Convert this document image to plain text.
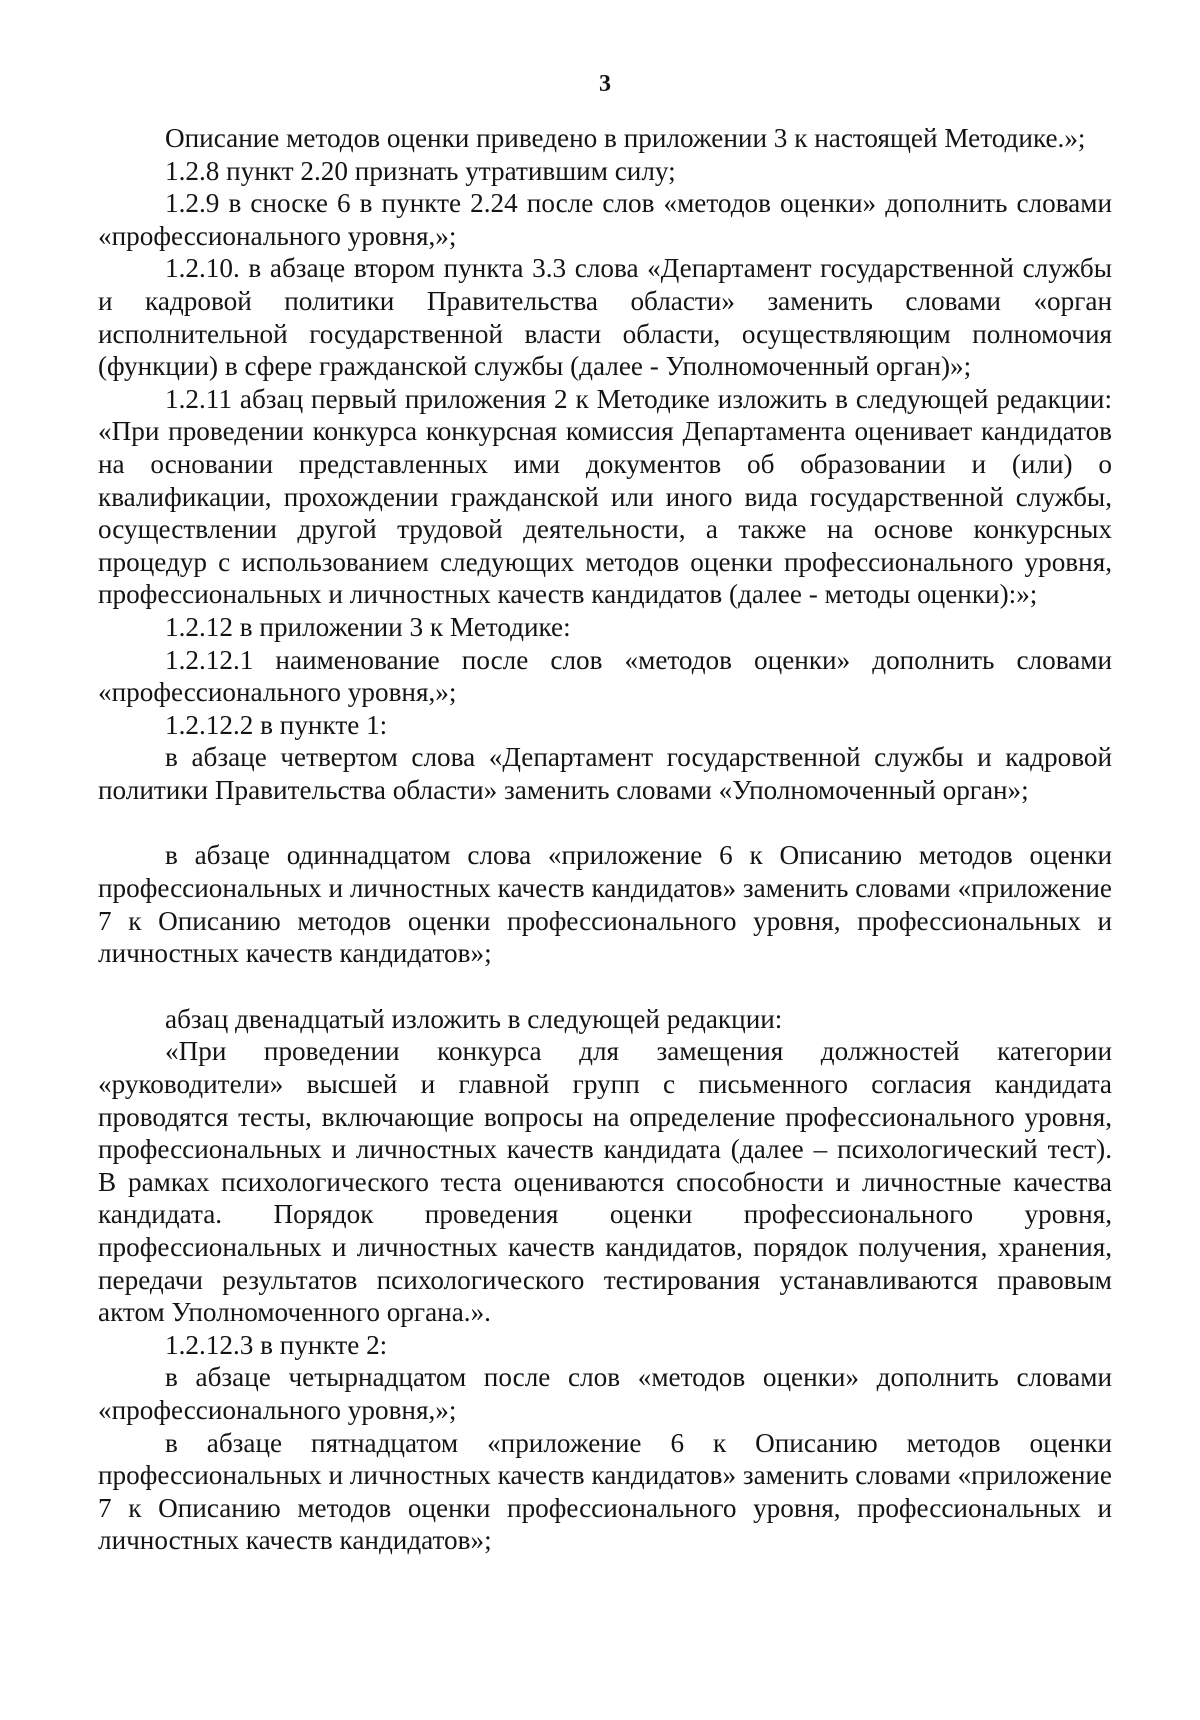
3

Описание методов оценки приведено в приложении 3 к настоящей Методике.»;

1.2.8 пункт 2.20 признать утратившим силу;

1.2.9 в сноске 6 в пункте 2.24 после слов «методов оценки» дополнить словами «профессионального уровня,»;

1.2.10. в абзаце втором пункта 3.3 слова «Департамент государственной службы и кадровой политики Правительства области» заменить словами «орган исполнительной государственной власти области, осуществляющим полномочия (функции) в сфере гражданской службы (далее - Уполномоченный орган)»;

1.2.11 абзац первый приложения 2 к Методике изложить в следующей редакции: «При проведении конкурса конкурсная комиссия Департамента оценивает кандидатов на основании представленных ими документов об образовании и (или) о квалификации, прохождении гражданской или иного вида государственной службы, осуществлении другой трудовой деятельности, а также на основе конкурсных процедур с использованием следующих методов оценки профессионального уровня, профессиональных и личностных качеств кандидатов (далее - методы оценки):»;

1.2.12 в приложении 3 к Методике:

1.2.12.1 наименование после слов «методов оценки» дополнить словами «профессионального уровня,»;

1.2.12.2 в пункте 1:

в абзаце четвертом слова «Департамент государственной службы и кадровой политики Правительства области» заменить словами «Уполномоченный орган»;

в абзаце одиннадцатом слова «приложение 6 к Описанию методов оценки профессиональных и личностных качеств кандидатов» заменить словами «приложение 7 к Описанию методов оценки профессионального уровня, профессиональных и личностных качеств кандидатов»;

абзац двенадцатый изложить в следующей редакции:

«При проведении конкурса для замещения должностей категории «руководители» высшей и главной групп с письменного согласия кандидата проводятся тесты, включающие вопросы на определение профессионального уровня, профессиональных и личностных качеств кандидата (далее – психологический тест). В рамках психологического теста оцениваются способности и личностные качества кандидата. Порядок проведения оценки профессионального уровня, профессиональных и личностных качеств кандидатов, порядок получения, хранения, передачи результатов психологического тестирования устанавливаются правовым актом Уполномоченного органа.».

1.2.12.3 в пункте 2:

в абзаце четырнадцатом после слов «методов оценки» дополнить словами «профессионального уровня,»;

в абзаце пятнадцатом «приложение 6 к Описанию методов оценки профессиональных и личностных качеств кандидатов» заменить словами «приложение 7 к Описанию методов оценки профессионального уровня, профессиональных и личностных качеств кандидатов»;
